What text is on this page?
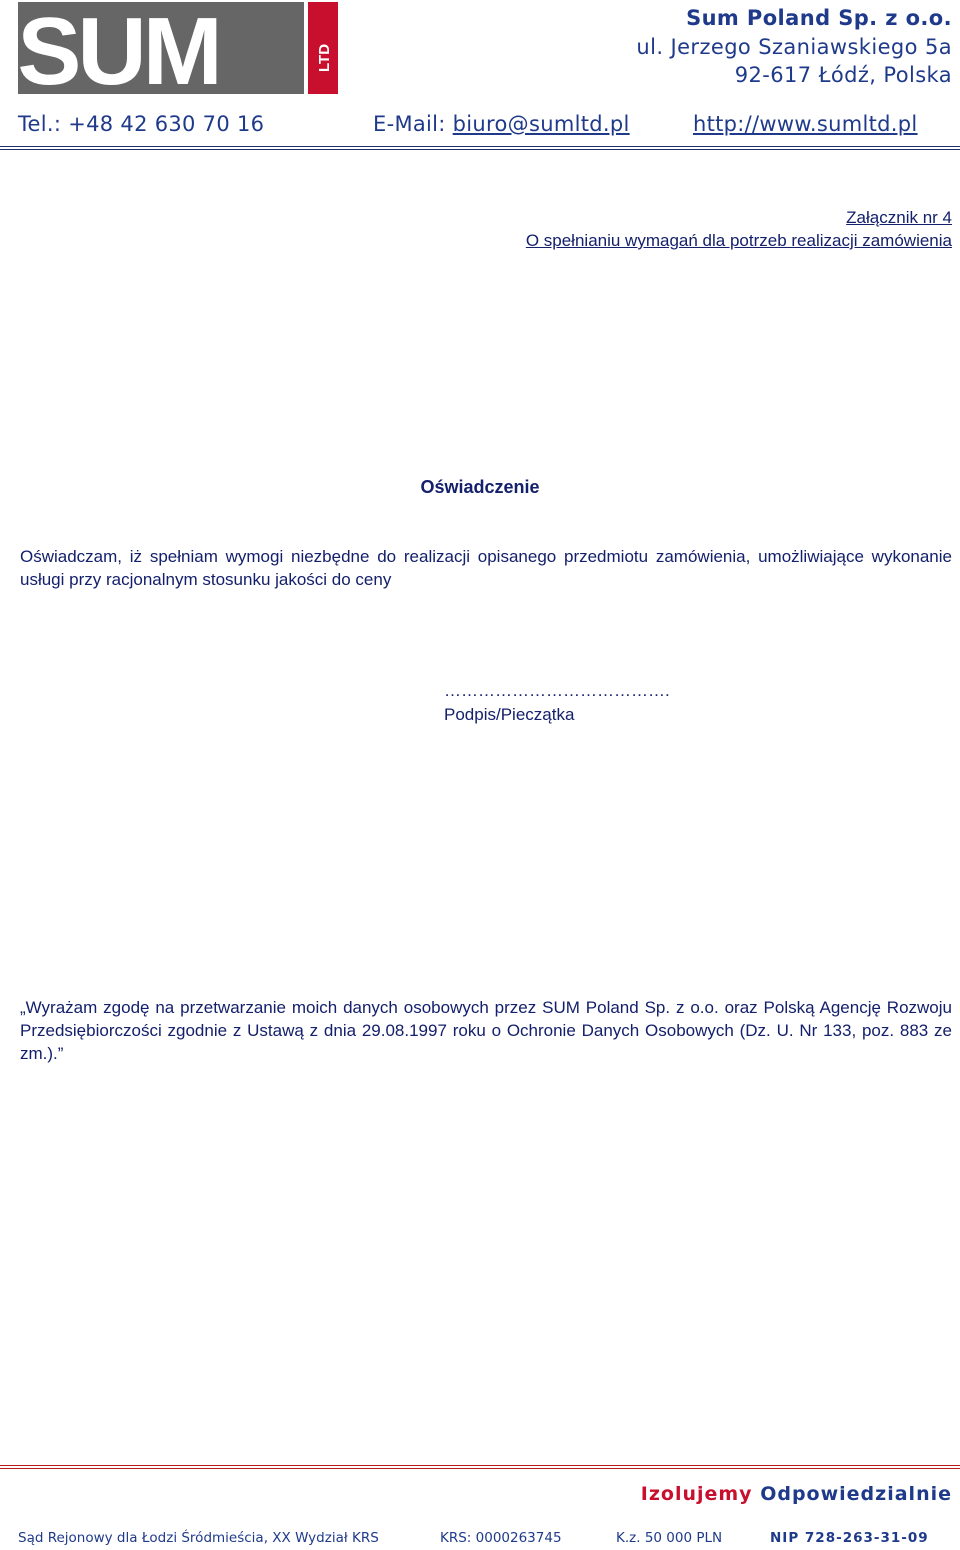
SUM	LTD
Sum Poland Sp. z o.o.
ul. Jerzego Szaniawskiego 5a
92-617 Łódź, Polska
Tel.: +48 42 630 70 16	E-Mail: biuro@sumltd.pl	http://www.sumltd.pl
Załącznik nr 4
O spełnianiu wymagań dla potrzeb realizacji zamówienia
Oświadczenie
Oświadczam, iż spełniam wymogi niezbędne do realizacji opisanego przedmiotu zamówienia, umożliwiające wykonanie usługi przy racjonalnym stosunku jakości do ceny
………………………………….
Podpis/Pieczątka
„Wyrażam zgodę na przetwarzanie moich danych osobowych przez SUM Poland Sp. z o.o. oraz Polską Agencję Rozwoju Przedsiębiorczości zgodnie z Ustawą z dnia 29.08.1997 roku o Ochronie Danych Osobowych (Dz. U. Nr 133, poz. 883 ze zm.).”
Izolujemy Odpowiedzialnie
Sąd Rejonowy dla Łodzi Śródmieścia, XX Wydział KRS	KRS: 0000263745	K.z. 50 000 PLN	NIP 728-263-31-09
